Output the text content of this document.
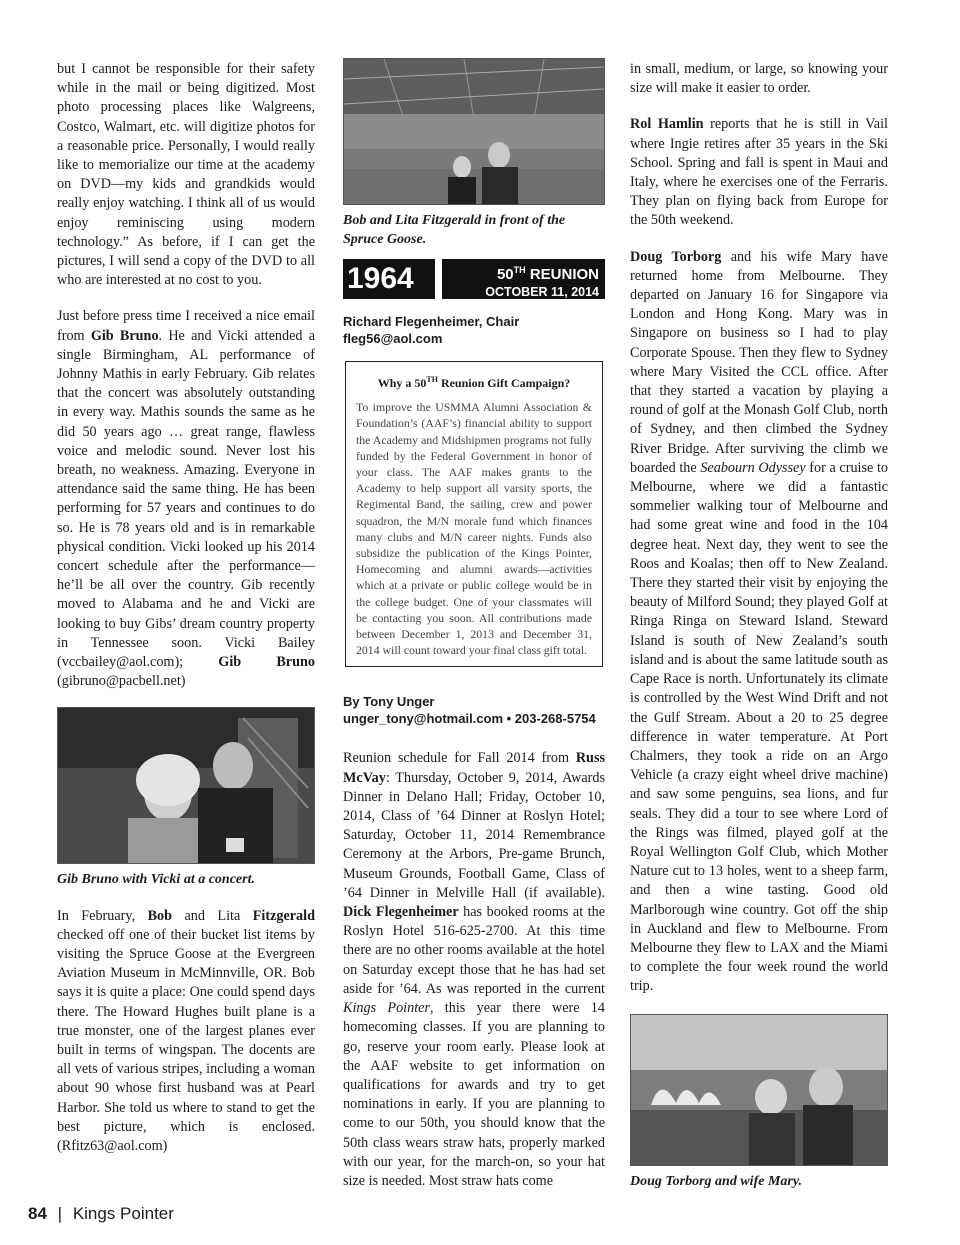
but I cannot be responsible for their safety while in the mail or being digitized. Most photo processing places like Walgreens, Costco, Walmart, etc. will digitize photos for a reasonable price. Personally, I would really like to memorialize our time at the academy on DVD—my kids and grandkids would really enjoy watching. I think all of us would enjoy reminiscing using modern technology.” As before, if I can get the pictures, I will send a copy of the DVD to all who are interested at no cost to you.

Just before press time I received a nice email from Gib Bruno. He and Vicki attended a single Birmingham, AL performance of Johnny Mathis in early February. Gib relates that the concert was absolutely outstanding in every way. Mathis sounds the same as he did 50 years ago … great range, flawless voice and melodic sound. Never lost his breath, no weakness. Amazing. Everyone in attendance said the same thing. He has been performing for 57 years and continues to do so. He is 78 years old and is in remarkable physical condition. Vicki looked up his 2014 concert schedule after the performance—he’ll be all over the country. Gib recently moved to Alabama and he and Vicki are looking to buy Gibs’ dream country property in Tennessee soon. Vicki Bailey (vccbailey@aol.com); Gib Bruno (gibruno@pacbell.net)

Gib Bruno with Vicki at a concert.

In February, Bob and Lita Fitzgerald checked off one of their bucket list items by visiting the Spruce Goose at the Evergreen Aviation Museum in McMinnville, OR. Bob says it is quite a place: One could spend days there. The Howard Hughes built plane is a true monster, one of the largest planes ever built in terms of wingspan. The docents are all vets of various stripes, including a woman about 90 whose first husband was at Pearl Harbor. She told us where to stand to get the best picture, which is enclosed. (Rfitz63@aol.com)

Bob and Lita Fitzgerald in front of the Spruce Goose.
1964	50TH REUNION
OCTOBER 11, 2014
Richard Flegenheimer, Chair
fleg56@aol.com
Why a 50TH Reunion Gift Campaign?

To improve the USMMA Alumni Association & Foundation’s (AAF’s) financial ability to support the Academy and Midshipmen programs not fully funded by the Federal Government in honor of your class. The AAF makes grants to the Academy to help support all varsity sports, the Regimental Band, the sailing, crew and power squadron, the M/N morale fund which finances many clubs and M/N career nights. Funds also subsidize the publication of the Kings Pointer, Homecoming and alumni awards—activities which at a private or public college would be in the college budget. One of your classmates will be contacting you soon. All contributions made between December 1, 2013 and December 31, 2014 will count toward your final class gift total.

By Tony Unger
unger_tony@hotmail.com • 203-268-5754

Reunion schedule for Fall 2014 from Russ McVay: Thursday, October 9, 2014, Awards Dinner in Delano Hall; Friday, October 10, 2014, Class of ’64 Dinner at Roslyn Hotel; Saturday, October 11, 2014 Remembrance Ceremony at the Arbors, Pre-game Brunch, Museum Grounds, Football Game, Class of ’64 Dinner in Melville Hall (if available). Dick Flegenheimer has booked rooms at the Roslyn Hotel 516-625-2700. At this time there are no other rooms available at the hotel on Saturday except those that he has had set aside for ’64. As was reported in the current Kings Pointer, this year there were 14 homecoming classes. If you are planning to go, reserve your room early. Please look at the AAF website to get information on qualifications for awards and try to get nominations in early. If you are planning to come to our 50th, you should know that the 50th class wears straw hats, properly marked with our year, for the march-on, so your hat size is needed. Most straw hats come

in small, medium, or large, so knowing your size will make it easier to order.

Rol Hamlin reports that he is still in Vail where Ingie retires after 35 years in the Ski School. Spring and fall is spent in Maui and Italy, where he exercises one of the Ferraris. They plan on flying back from Europe for the 50th weekend.

Doug Torborg and his wife Mary have returned home from Melbourne. They departed on January 16 for Singapore via London and Hong Kong. Mary was in Singapore on business so I had to play Corporate Spouse. Then they flew to Sydney where Mary Visited the CCL office. After that they started a vacation by playing a round of golf at the Monash Golf Club, north of Sydney, and then climbed the Sydney River Bridge. After surviving the climb we boarded the Seabourn Odyssey for a cruise to Melbourne, where we did a fantastic sommelier walking tour of Melbourne and had some great wine and food in the 104 degree heat. Next day, they went to see the Roos and Koalas; then off to New Zealand. There they started their visit by enjoying the beauty of Milford Sound; they played Golf at Ringa Ringa on Steward Island. Steward Island is south of New Zealand’s south island and is about the same latitude south as Cape Race is north. Unfortunately its climate is controlled by the West Wind Drift and not the Gulf Stream. About a 20 to 25 degree difference in water temperature. At Port Chalmers, they took a ride on an Argo Vehicle (a crazy eight wheel drive machine) and saw some penguins, sea lions, and fur seals. They did a tour to see where Lord of the Rings was filmed, played golf at the Royal Wellington Golf Club, which Mother Nature cut to 13 holes, went to a sheep farm, and then a wine tasting. Good old Marlborough wine country. Got off the ship in Auckland and flew to Melbourne. From Melbourne they flew to LAX and the Miami to complete the four week round the world trip.

Doug Torborg and wife Mary.
84 | Kings Pointer
